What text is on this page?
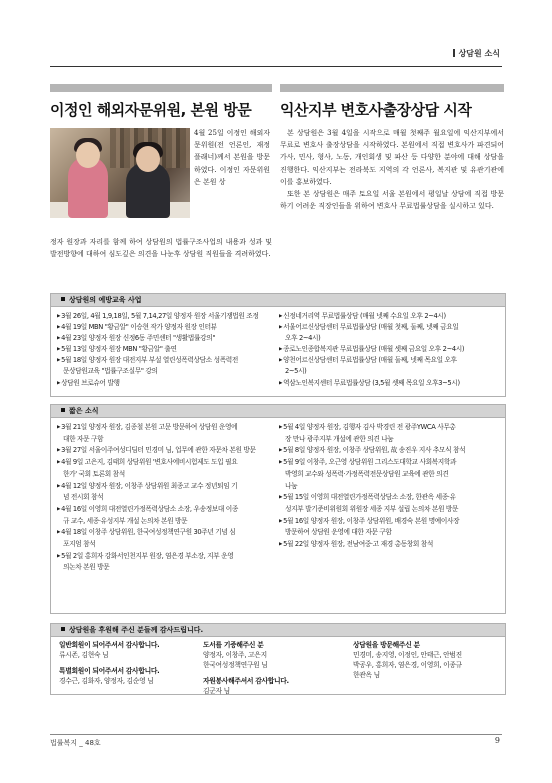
상담원 소식
이정인 해외자문위원, 본원 방문 익산지부 변호사출장상담 시작
4월 25일 이정인 해외자문위원(전 언론인, 재정플래너)께서 본원을 방문하였다. 이정인 자문위원은 본원 상
정자 원장과 자리를 함께 하여 상담원의 법률구조사업의 내용과 성과 및 발전방향에 대하여 심도깊은 의견을 나눈후 상담원 직원들을 격려하였다.

본 상담원은 3월 4일을 시작으로 매월 첫째주 월요일에 익산지부에서 무료로 변호사 출장상담을 시작하였다. 본원에서 직접 변호사가 파견되어 가사, 민사, 형사, 노동, 개인회생 및 파산 등 다양한 분야에 대해 상담을 진행한다. 익산지부는 전라북도 지역의 각 언론사, 복지관 및 유관기관에 이를 홍보하였다.

또한 본 상담원은 매주 토요일 서울 본원에서 평일날 상담에 직접 방문하기 어려운 직장인들을 위하여 변호사 무료법률상담을 실시하고 있다.

상담원의 예방교육 사업
▶ 3월 26일, 4월 1,9,18일, 5월 7,14,27일 양정자 원장 서울기쟁법원 조정
▶ 4월 19일 MBN "황금알" 이승현 작가 양정자 원장 인터뷰
▶ 4월 23일 양정자 원장 신정6동 주민센터 "생활법률강의"
▶ 5월 13일 양정자 원장 MBN "황금알" 출연
▶ 5월 18일 양정자 원장 대전지부 부설 열린성폭력상담소 성폭력전
문상담원교육 "법률구조실무" 강의
▶ 상담원 브로슈어 발행
▶ 신정네거리역 무료법률상담 (매월 넷째 수요일 오후 2~4시)
▶ 서울어르신상담센터 무료법률상담 (매월 첫째, 둘째, 넷째 금요일
오후 2~4시)
▶ 종로노인종합복지관 무료법률상담 (매월 셋째 금요일 오후 2~4시)
▶ 양천어르신상담센터 무료법률상담 (매월 둘째, 넷째 목요일 오후
2~5시)
▶ 역삼노인복지센터 무료법률상담 (3,5월 셋째 목요일 오후3~5시)
짧은 소식
▶ 3월 21일 양정자 원장, 김종철 본원 고문 방문하여 상담원 운영에
대한 자문 구함
▶ 3월 27일 서울이주여성디딤터 민경미 님, 업무에 관한 자문차 본원 방문
▶ 4월 9일 고은지, 김태희 상담위원 '변호사에비시험제도 도입 필요
한가' 국회 토론회 참석
▶ 4월 12일 양정자 원장, 이창주 상담위원 최종고 교수 정년퇴임 기
념 전시회 참석
▶ 4월 16일 이영희 대전열린가정폭력상담소 소장, 우송정보대 이종
규 교수, 세종·유성지부 개설 논의차 본원 방문
▶ 4월 18일 이창주 상담위원, 한국여성정책연구원 30주년 기념 심
포지엄 참석
▶ 5월 2일 홍희자 강화서인천지부 원장, 염은경 부소장, 지부 운영
의논차 본원 방문
▶ 5월 4일 양정자 원장, 김행자 김사 박경린 전 광주YWCA 사무총
장 만나 광주지부 개설에 관한 의견 나눔
▶ 5월 8일 양정자 원장, 이창주 상담위원, 故 송진우 지사 추모식 참석
▶ 5월 9일 이창주, 오근영 상담위원 그리스도대학교 사회복지학과
박영희 교수와 성폭력·가정폭력전문상담원 교육에 관한 의견
나눔
▶ 5월 15일 이영희 대전열린가정폭력상담소 소장, 한관옥 세종·유
성지부 발기준비위원회 위원장 세종 지부 설립 논의차 본원 방문
▶ 5월 16일 양정자 원장, 이창주 상담위원, 배경숙 본원 명예이사장
방문하여 상담원 운영에 대한 자문 구함
▶ 5월 22일 양정자 원장, 전남여중·고 재경 총동창회 참석
상담원을 후원해 주신 분들께 감사드립니다.
일반회원이 되어주셔서 감사합니다.
류시존, 김현숙 님
특별회원이 되어주셔서 감사합니다.
경수근, 김화자, 양정자, 김순영 님
도서를 기증해주신 분
양정자, 이창주, 고은지
한국여성정책연구원 님
자원봉사해주셔서 감사합니다.
김군자 님
상담원을 방문해주신 분
민경미, 송지영, 이정인, 안태근, 안범진
박공우, 홍희자, 염은경, 이영희, 이종규
한관옥 님
법률복지 _ 48호	9
